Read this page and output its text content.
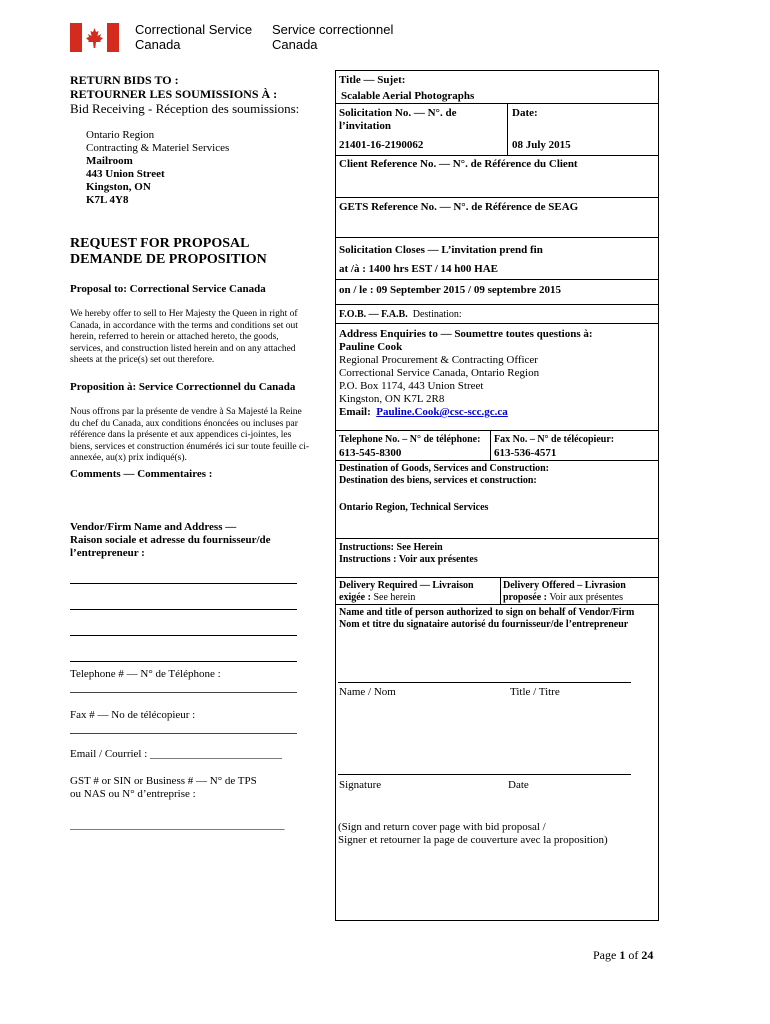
Correctional Service
Canada
Service correctionnel
Canada
RETURN BIDS TO :
RETOURNER LES SOUMISSIONS À :
Bid Receiving - Réception des soumissions:
Ontario Region
Contracting & Materiel Services
Mailroom
443 Union Street
Kingston, ON
K7L 4Y8
REQUEST FOR PROPOSAL
DEMANDE DE PROPOSITION
Proposal to: Correctional Service Canada
We hereby offer to sell to Her Majesty the Queen in right of Canada, in accordance with the terms and conditions set out herein, referred to herein or attached hereto, the goods, services, and construction listed herein and on any attached sheets at the price(s) set out therefore.
Proposition à: Service Correctionnel du Canada
Nous offrons par la présente de vendre à Sa Majesté la Reine du chef du Canada, aux conditions énoncées ou incluses par référence dans la présente et aux appendices ci-jointes, les biens, services et construction énumérés ici sur toute feuille ci-annexée, au(x) prix indiqué(s).
Comments — Commentaires :
Vendor/Firm Name and Address —
Raison sociale et adresse du fournisseur/de
l’entrepreneur :
Telephone # — N° de Téléphone :
Fax # — No de télécopieur :
Email / Courriel : ________________________
GST # or SIN or Business # — N° de TPS
ou NAS ou N° d’entreprise :
_______________________________________
Title — Sujet:
Scalable Aerial Photographs
Solicitation No. — N°. de
l’invitation
Date:
21401-16-2190062	08 July 2015
Client Reference No. — N°. de Référence du Client
GETS Reference No. — N°. de Référence de SEAG
Solicitation Closes — L’invitation prend fin
at /à : 1400 hrs EST / 14 h00 HAE
on / le : 09 September 2015 / 09 septembre 2015
F.O.B. — F.A.B. Destination:
Address Enquiries to — Soumettre toutes questions à:
Pauline Cook
Regional Procurement & Contracting Officer
Correctional Service Canada, Ontario Region
P.O. Box 1174, 443 Union Street
Kingston, ON K7L 2R8
Email: Pauline.Cook@csc-scc.gc.ca
Telephone No. – N° de téléphone:
613-545-8300
Fax No. – N° de télécopieur:
613-536-4571
Destination of Goods, Services and Construction:
Destination des biens, services et construction:
Ontario Region, Technical Services
Instructions: See Herein
Instructions : Voir aux présentes
Delivery Required — Livraison
exigée : See herein
Delivery Offered – Livrasion
proposée : Voir aux présentes
Name and title of person authorized to sign on behalf of Vendor/Firm
Nom et titre du signataire autorisé du fournisseur/de l’entrepreneur
Name / Nom	Title / Titre
Signature	Date
(Sign and return cover page with bid proposal /
Signer et retourner la page de couverture avec la proposition)
Page 1 of 24
